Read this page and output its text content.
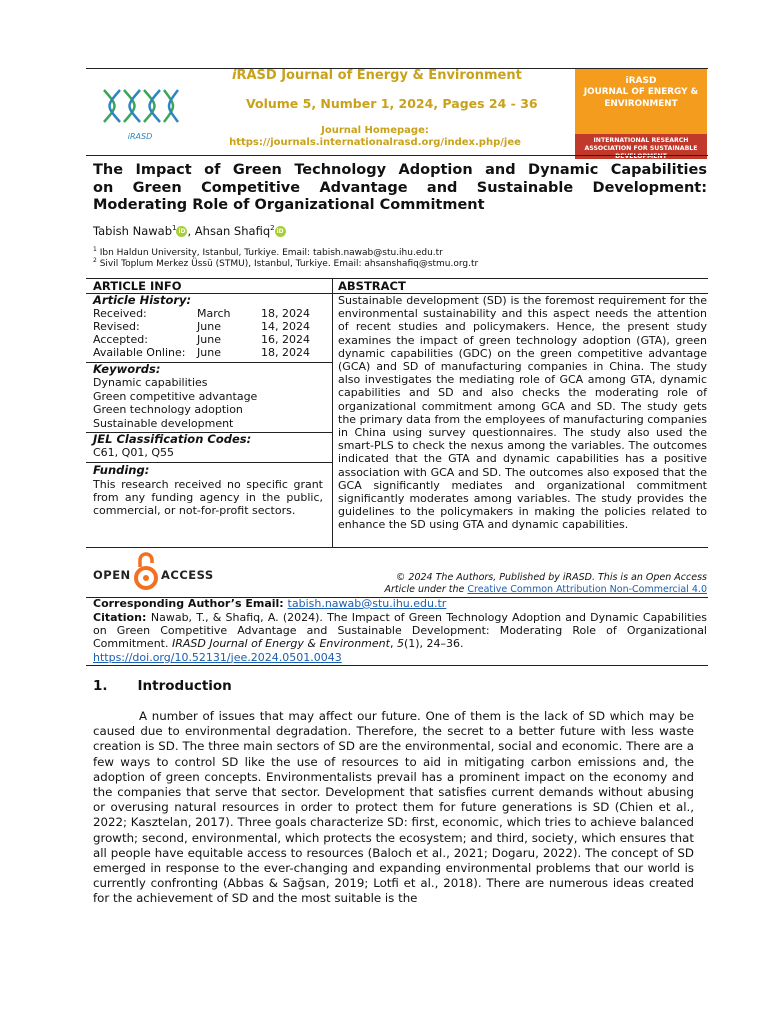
iRASD
iRASD Journal of Energy & Environment
Volume 5, Number 1, 2024, Pages 24 - 36
Journal Homepage:
https://journals.internationalrasd.org/index.php/jee
iRASD
JOURNAL OF ENERGY &
ENVIRONMENT
INTERNATIONAL RESEARCH ASSOCIATION FOR SUSTAINABLE DEVELOPMENT
The Impact of Green Technology Adoption and Dynamic Capabilities
on Green Competitive Advantage and Sustainable Development:
Moderating Role of Organizational Commitment
Tabish Nawab$^1$ iD , Ahsan Shafiq$^2$ iD
$^1$ Ibn Haldun University, Istanbul, Turkiye. Email: tabish.nawab@stu.ihu.edu.tr
$^2$ Sivil Toplum Merkez Üssü (STMU), Istanbul, Turkiye. Email: ahsanshafiq@stmu.org.tr
ARTICLE INFO	ABSTRACT
Article History:
Received:	March	18, 2024
Revised:	June	14, 2024
Accepted:	June	16, 2024
Available Online: June	18, 2024
Keywords:
Dynamic capabilities
Green competitive advantage
Green technology adoption
Sustainable development
JEL Classification Codes:
C61, Q01, Q55
Funding:
This research received no specific grant from any funding agency in the public, commercial, or not-for-profit sectors.
Sustainable development (SD) is the foremost requirement for the environmental sustainability and this aspect needs the attention of recent studies and policymakers. Hence, the present study examines the impact of green technology adoption (GTA), green dynamic capabilities (GDC) on the green competitive advantage (GCA) and SD of manufacturing companies in China. The study also investigates the mediating role of GCA among GTA, dynamic capabilities and SD and also checks the moderating role of organizational commitment among GCA and SD. The study gets the primary data from the employees of manufacturing companies in China using survey questionnaires. The study also used the smart-PLS to check the nexus among the variables. The outcomes indicated that the GTA and dynamic capabilities has a positive association with GCA and SD. The outcomes also exposed that the GCA significantly mediates and organizational commitment significantly moderates among variables. The study provides the guidelines to the policymakers in making the policies related to enhance the SD using GTA and dynamic capabilities.
OPEN	ACCESS	© 2024 The Authors, Published by iRASD. This is an Open Access
Article under the Creative Common Attribution Non-Commercial 4.0
Corresponding Author’s Email: tabish.nawab@stu.ihu.edu.tr
Citation: Nawab, T., & Shafiq, A. (2024). The Impact of Green Technology Adoption and Dynamic Capabilities on Green Competitive Advantage and Sustainable Development: Moderating Role of Organizational Commitment. IRASD Journal of Energy & Environment, 5(1), 24–36.
https://doi.org/10.52131/jee.2024.0501.0043
1. Introduction
A number of issues that may affect our future. One of them is the lack of SD which may be caused due to environmental degradation. Therefore, the secret to a better future with less waste creation is SD. The three main sectors of SD are the environmental, social and economic. There are a few ways to control SD like the use of resources to aid in mitigating carbon emissions and, the adoption of green concepts. Environmentalists prevail has a prominent impact on the economy and the companies that serve that sector. Development that satisfies current demands without abusing or overusing natural resources in order to protect them for future generations is SD (Chien et al., 2022; Kasztelan, 2017). Three goals characterize SD: first, economic, which tries to achieve balanced growth; second, environmental, which protects the ecosystem; and third, society, which ensures that all people have equitable access to resources (Baloch et al., 2021; Dogaru, 2022). The concept of SD emerged in response to the ever-changing and expanding environmental problems that our world is currently confronting (Abbas & Sağsan, 2019; Lotfi et al., 2018). There are numerous ideas created for the achievement of SD and the most suitable is the
